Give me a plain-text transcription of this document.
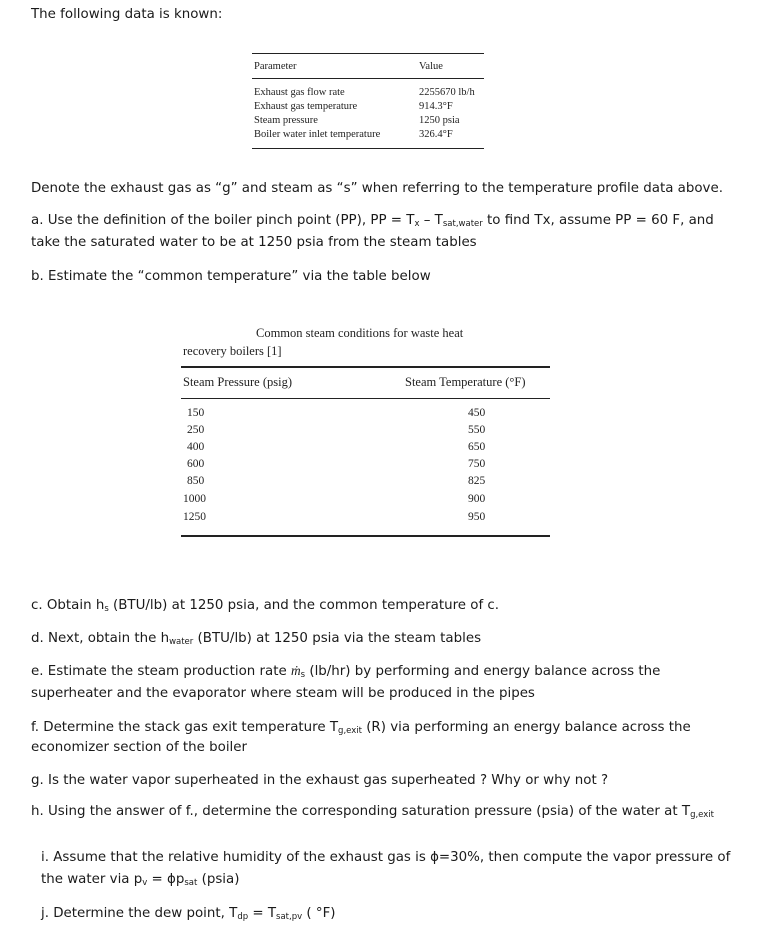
The following data is known:
Parameter	Value
Exhaust gas flow rate	2255670 lb/h
Exhaust gas temperature	914.3°F
Steam pressure	1250 psia
Boiler water inlet temperature	326.4°F
Denote the exhaust gas as “g” and steam as “s” when referring to the temperature profile data above.
a. Use the definition of the boiler pinch point (PP), PP = $T_x - T_{sat,water}$ to find Tx, assume PP = 60 F, and
take the saturated water to be at 1250 psia from the steam tables
b. Estimate the “common temperature” via the table below
Common steam conditions for waste heat
recovery boilers [1]
Steam Pressure (psig)	Steam Temperature (°F)
150	450
250	550
400	650
600	750
850	825
1000	900
1250	950
c. Obtain $h_s$ (BTU/lb) at 1250 psia, and the common temperature of c.
d. Next, obtain the $h_{water}$ (BTU/lb) at 1250 psia via the steam tables
e. Estimate the steam production rate ṁ$_s$ (lb/hr) by performing and energy balance across the
superheater and the evaporator where steam will be produced in the pipes
f. Determine the stack gas exit temperature $T_{g,exit}$ (R) via performing an energy balance across the
economizer section of the boiler
g. Is the water vapor superheated in the exhaust gas superheated ? Why or why not ?
h. Using the answer of f., determine the corresponding saturation pressure (psia) of the water at $T_{g,exit}$
i. Assume that the relative humidity of the exhaust gas is ϕ=30%, then compute the vapor pressure of
the water via $p_v = \phi p_{sat}$ (psia)
j. Determine the dew point, $T_{dp} = T_{sat,pv}$ ( °F)
